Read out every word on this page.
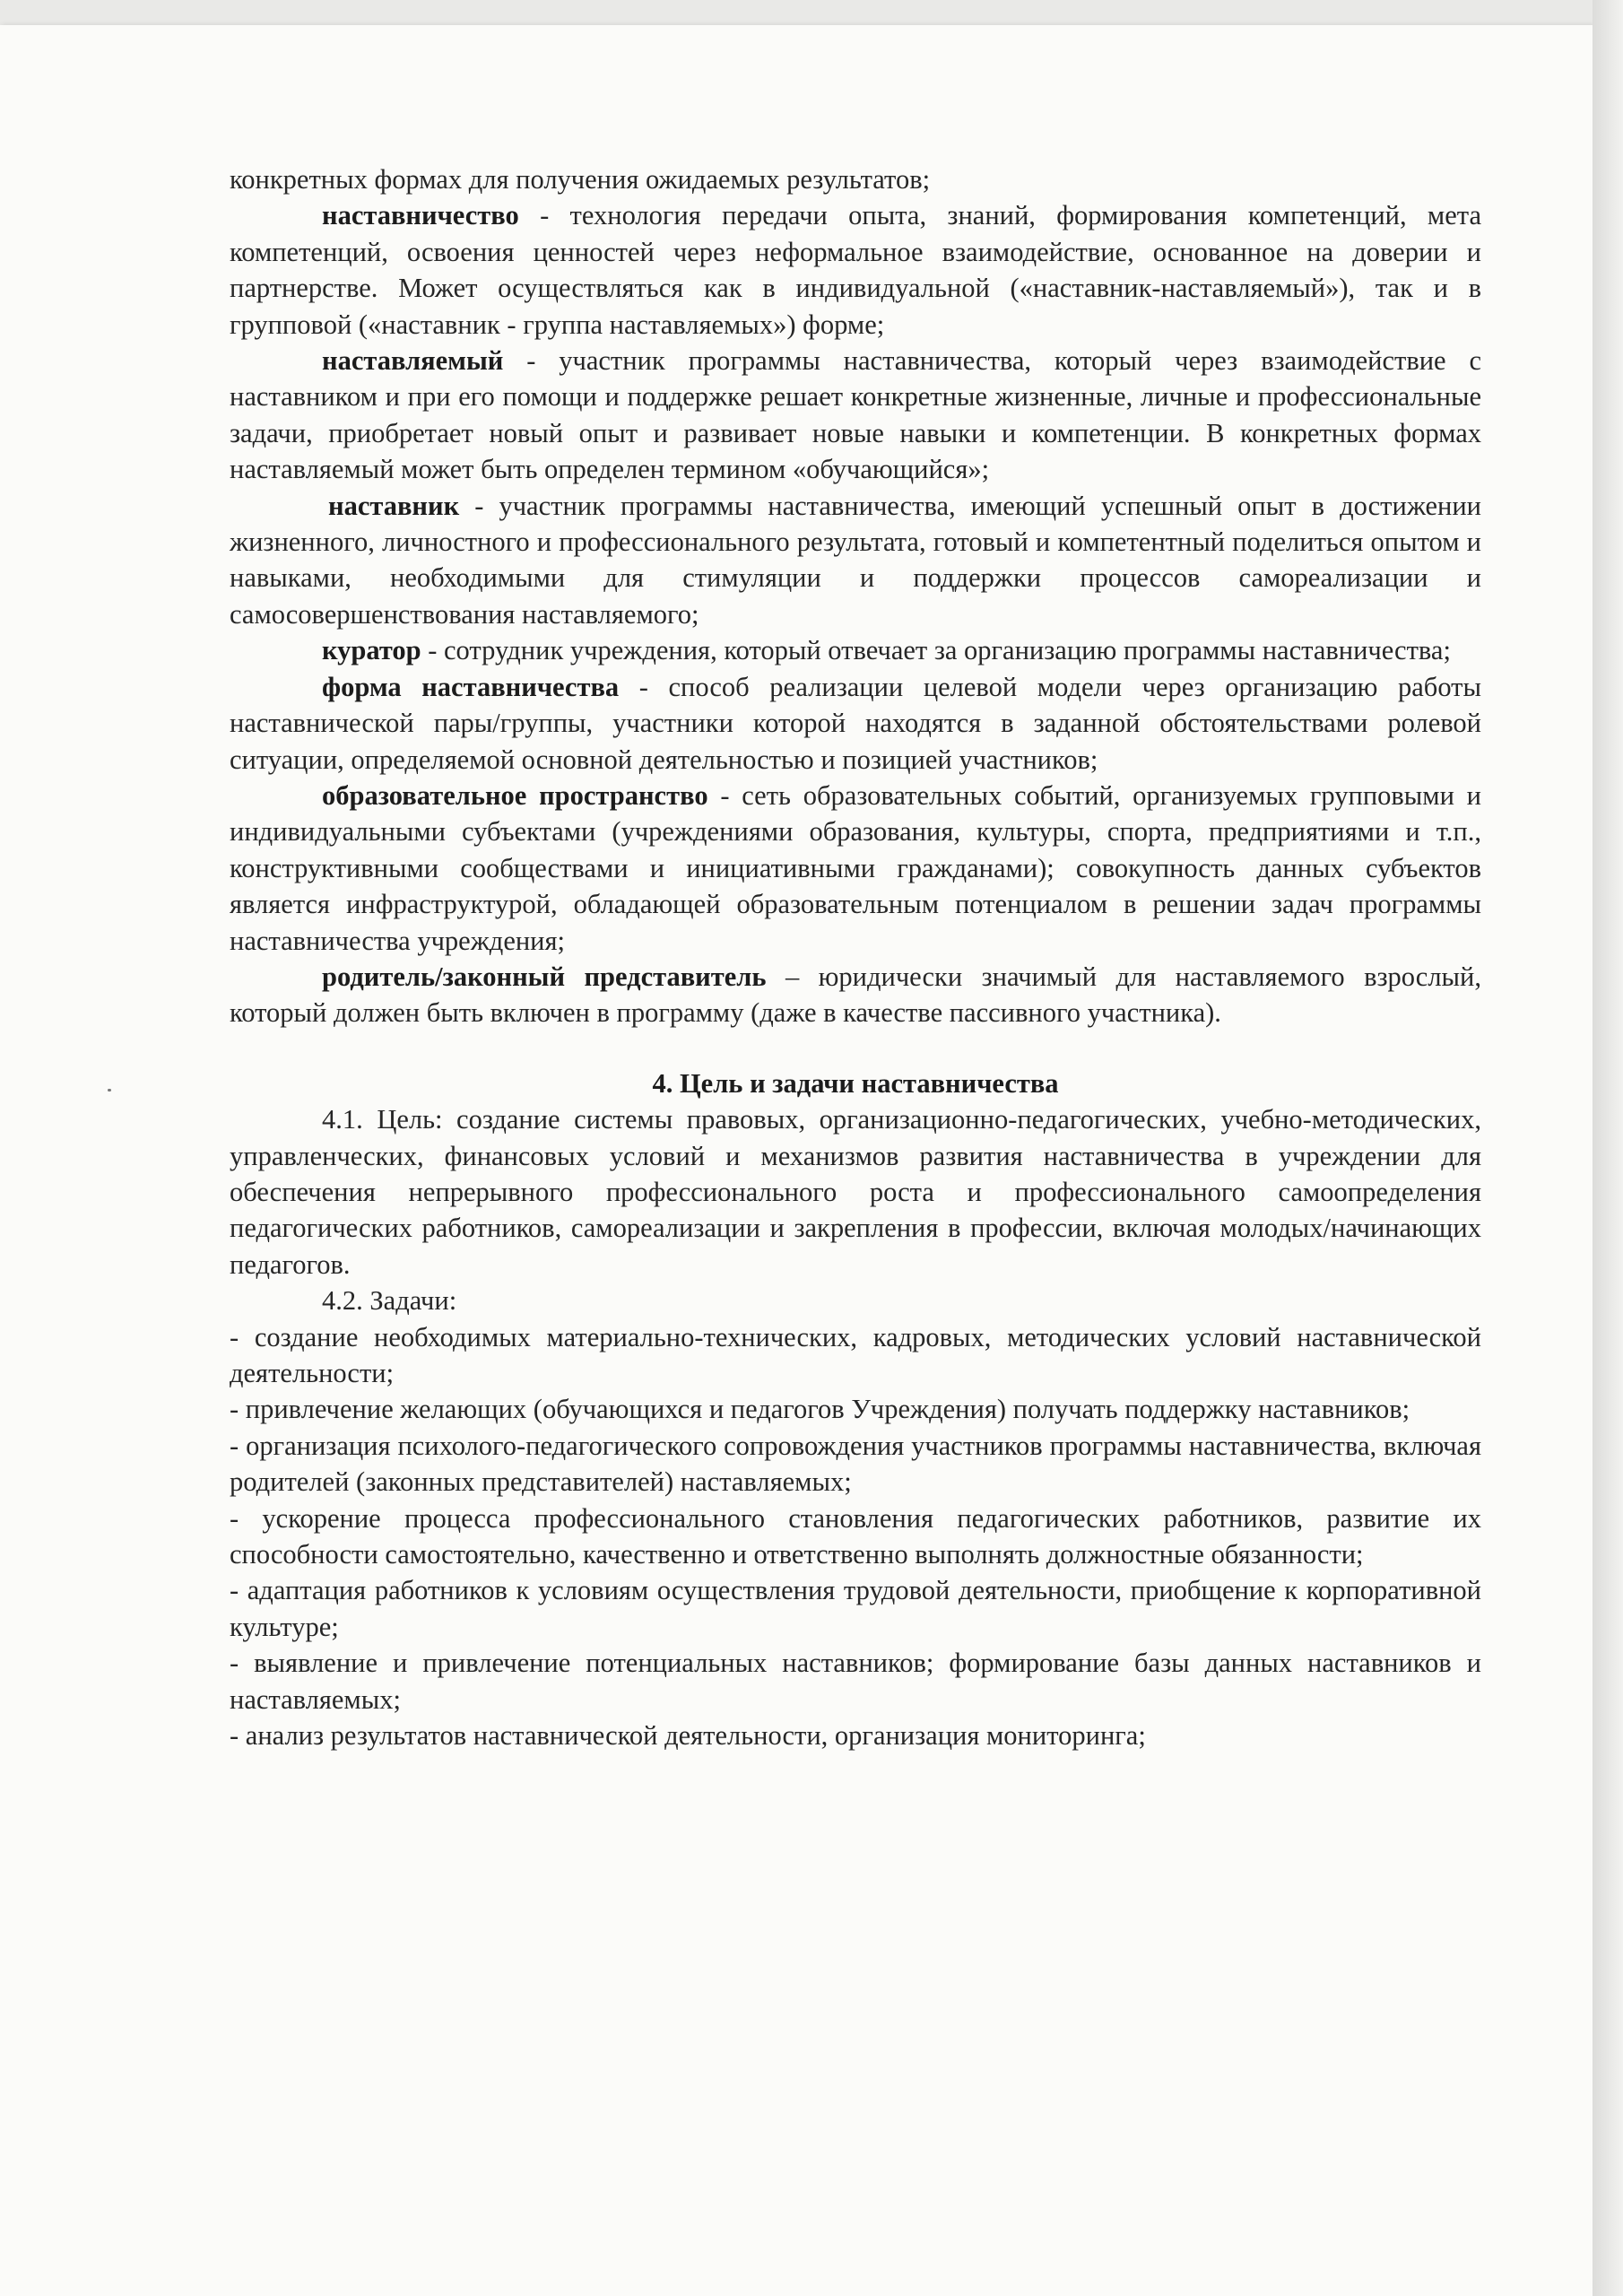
конкретных формах для получения ожидаемых результатов;

наставничество - технология передачи опыта, знаний, формирования компетенций, мета компетенций, освоения ценностей через неформальное взаимодействие, основанное на доверии и партнерстве. Может осуществляться как в индивидуальной («наставник-наставляемый»), так и в групповой («наставник - группа наставляемых») форме;

наставляемый - участник программы наставничества, который через взаимодействие с наставником и при его помощи и поддержке решает конкретные жизненные, личные и профессиональные задачи, приобретает новый опыт и развивает новые навыки и компетенции. В конкретных формах наставляемый может быть определен термином «обучающийся»;

наставник - участник программы наставничества, имеющий успешный опыт в достижении жизненного, личностного и профессионального результата, готовый и компетентный поделиться опытом и навыками, необходимыми для стимуляции и поддержки процессов самореализации и самосовершенствования наставляемого;

куратор - сотрудник учреждения, который отвечает за организацию программы наставничества;

форма наставничества - способ реализации целевой модели через организацию работы наставнической пары/группы, участники которой находятся в заданной обстоятельствами ролевой ситуации, определяемой основной деятельностью и позицией участников;

образовательное пространство - сеть образовательных событий, организуемых групповыми и индивидуальными субъектами (учреждениями образования, культуры, спорта, предприятиями и т.п., конструктивными сообществами и инициативными гражданами); совокупность данных субъектов является инфраструктурой, обладающей образовательным потенциалом в решении задач программы наставничества учреждения;

родитель/законный представитель – юридически значимый для наставляемого взрослый, который должен быть включен в программу (даже в качестве пассивного участника).

4. Цель и задачи наставничества

4.1. Цель: создание системы правовых, организационно-педагогических, учебно-методических, управленческих, финансовых условий и механизмов развития наставничества в учреждении для обеспечения непрерывного профессионального роста и профессионального самоопределения педагогических работников, самореализации и закрепления в профессии, включая молодых/начинающих педагогов.

4.2. Задачи:

- создание необходимых материально-технических, кадровых, методических условий наставнической деятельности;

- привлечение желающих (обучающихся и педагогов Учреждения) получать поддержку наставников;

- организация психолого-педагогического сопровождения участников программы наставничества, включая родителей (законных представителей) наставляемых;

- ускорение процесса профессионального становления педагогических работников, развитие их способности самостоятельно, качественно и ответственно выполнять должностные обязанности;

- адаптация работников к условиям осуществления трудовой деятельности, приобщение к корпоративной культуре;

- выявление и привлечение потенциальных наставников; формирование базы данных наставников и наставляемых;

- анализ результатов наставнической деятельности, организация мониторинга;
